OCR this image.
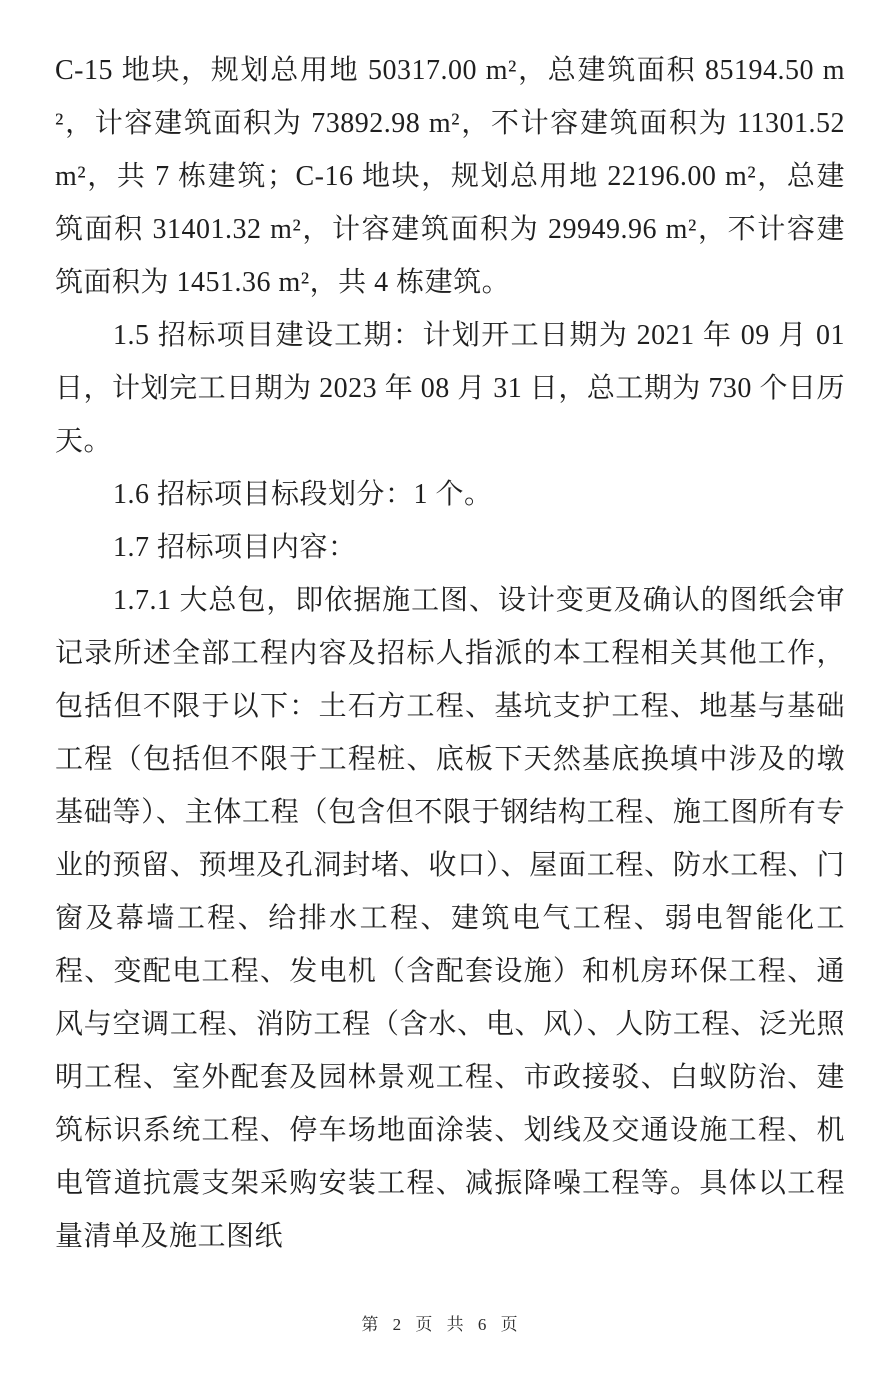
C-15 地块，规划总用地 50317.00 m²，总建筑面积 85194.50 m²，计容建筑面积为 73892.98 m²，不计容建筑面积为 11301.52 m²，共 7 栋建筑；C-16 地块，规划总用地 22196.00 m²，总建筑面积 31401.32 m²，计容建筑面积为 29949.96 m²，不计容建筑面积为 1451.36 m²，共 4 栋建筑。

1.5 招标项目建设工期：计划开工日期为 2021 年 09 月 01 日，计划完工日期为 2023 年 08 月 31 日，总工期为 730 个日历天。

1.6 招标项目标段划分：1 个。

1.7 招标项目内容：

1.7.1 大总包，即依据施工图、设计变更及确认的图纸会审记录所述全部工程内容及招标人指派的本工程相关其他工作，包括但不限于以下：土石方工程、基坑支护工程、地基与基础工程（包括但不限于工程桩、底板下天然基底换填中涉及的墩基础等）、主体工程（包含但不限于钢结构工程、施工图所有专业的预留、预埋及孔洞封堵、收口）、屋面工程、防水工程、门窗及幕墙工程、给排水工程、建筑电气工程、弱电智能化工程、变配电工程、发电机（含配套设施）和机房环保工程、通风与空调工程、消防工程（含水、电、风）、人防工程、泛光照明工程、室外配套及园林景观工程、市政接驳、白蚁防治、建筑标识系统工程、停车场地面涂装、划线及交通设施工程、机电管道抗震支架采购安装工程、减振降噪工程等。具体以工程量清单及施工图纸

第 2 页 共 6 页
